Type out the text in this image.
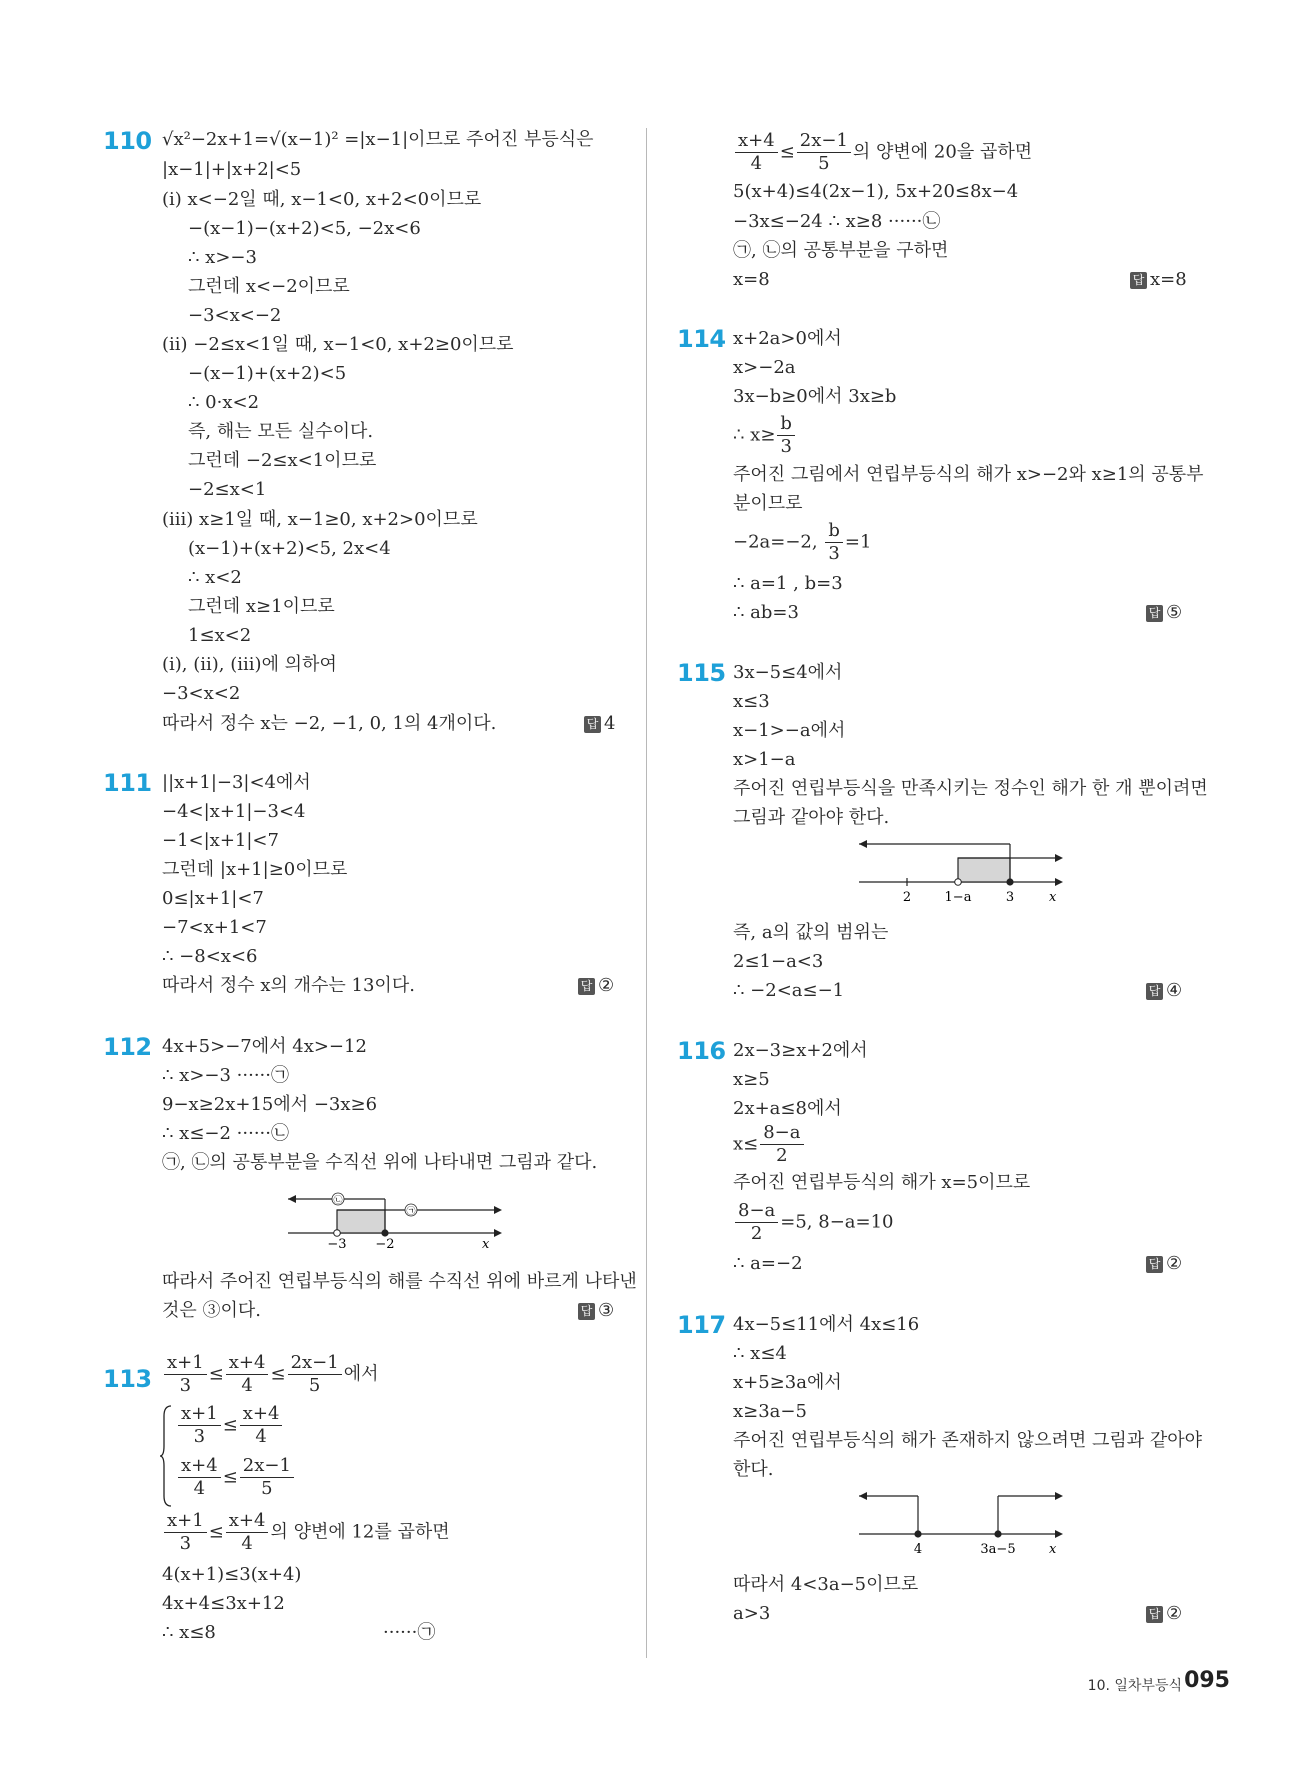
110 √x²−2x+1=√(x−1)² =|x−1|이므로 주어진 부등식은
|x−1|+|x+2|<5
(ⅰ) x<−2일 때, x−1<0, x+2<0이므로
−(x−1)−(x+2)<5, −2x<6
∴ x>−3
그런데 x<−2이므로
−3<x<−2
(ⅱ) −2≤x<1일 때, x−1<0, x+2≥0이므로
−(x−1)+(x+2)<5
∴ 0·x<2
즉, 해는 모든 실수이다.
그런데 −2≤x<1이므로
−2≤x<1
(ⅲ) x≥1일 때, x−1≥0, x+2>0이므로
(x−1)+(x+2)<5, 2x<4
∴ x<2
그런데 x≥1이므로
1≤x<2
(ⅰ), (ⅱ), (ⅲ)에 의하여
−3<x<2
따라서 정수 x는 −2, −1, 0, 1의 4개이다.	답 4
111 ||x+1|−3|<4에서
−4<|x+1|−3<4
−1<|x+1|<7
그런데 |x+1|≥0이므로
0≤|x+1|<7
−7<x+1<7
∴ −8<x<6
따라서 정수 x의 개수는 13이다.	답 ②
112 4x+5>−7에서 4x>−12
∴ x>−3 ······㉠
9−x≥2x+15에서 −3x≥6
∴ x≤−2 ······㉡
㉠, ㉡의 공통부분을 수직선 위에 나타내면 그림과 같다.
㉡
㉠
−3 −2	x
따라서 주어진 연립부등식의 해를 수직선 위에 바르게 나타낸
것은 ③이다.	답 ③
$113 \frac{x+1}{3} \le \frac{x+4}{4} \le \frac{2x-1}{5}$ 에서
$\frac{x+1}{3} \le \frac{x+4}{4}$
$\frac{x+4}{4} \le \frac{2x-1}{5}$
$\frac{x+1}{3} \le \frac{x+4}{4}$ 의 양변에 12를 곱하면
4(x+1)≤3(x+4)
4x+4≤3x+12
∴ x≤8	······㉠
$\frac{x+4}{4} \le \frac{2x-1}{5}$ 의 양변에 20을 곱하면
5(x+4)≤4(2x−1), 5x+20≤8x−4
−3x≤−24 ∴ x≥8 ······㉡
㉠, ㉡의 공통부분을 구하면
x=8	답 x=8
114 x+2a>0에서
x>−2a
3x−b≥0에서 3x≥b
∴ $x\ge \frac{b}{3}$
주어진 그림에서 연립부등식의 해가 x>−2와 x≥1의 공통부
분이므로
−2a=−2, $\frac{b}{3} =1$
∴ a=1 , b=3
∴ ab=3	답 ⑤
115 3x−5≤4에서
x≤3
x−1>−a에서
x>1−a
주어진 연립부등식을 만족시키는 정수인 해가 한 개 뿐이려면
그림과 같아야 한다.
2	1−a	3	x
즉, a의 값의 범위는
2≤1−a<3
∴ −2<a≤−1	답 ④
116 2x−3≥x+2에서
x≥5
2x+a≤8에서
$x\le \frac{8-a}{2}$
주어진 연립부등식의 해가 x=5이므로
$\frac{8-a}{2} =5$, 8−a=10
∴ a=−2	답 ②
117 4x−5≤11에서 4x≤16
∴ x≤4
x+5≥3a에서
x≥3a−5
주어진 연립부등식의 해가 존재하지 않으려면 그림과 같아야
한다.
4	3a−5	x
따라서 4<3a−5이므로
a>3	답 ②
10. 일차부등식 095
